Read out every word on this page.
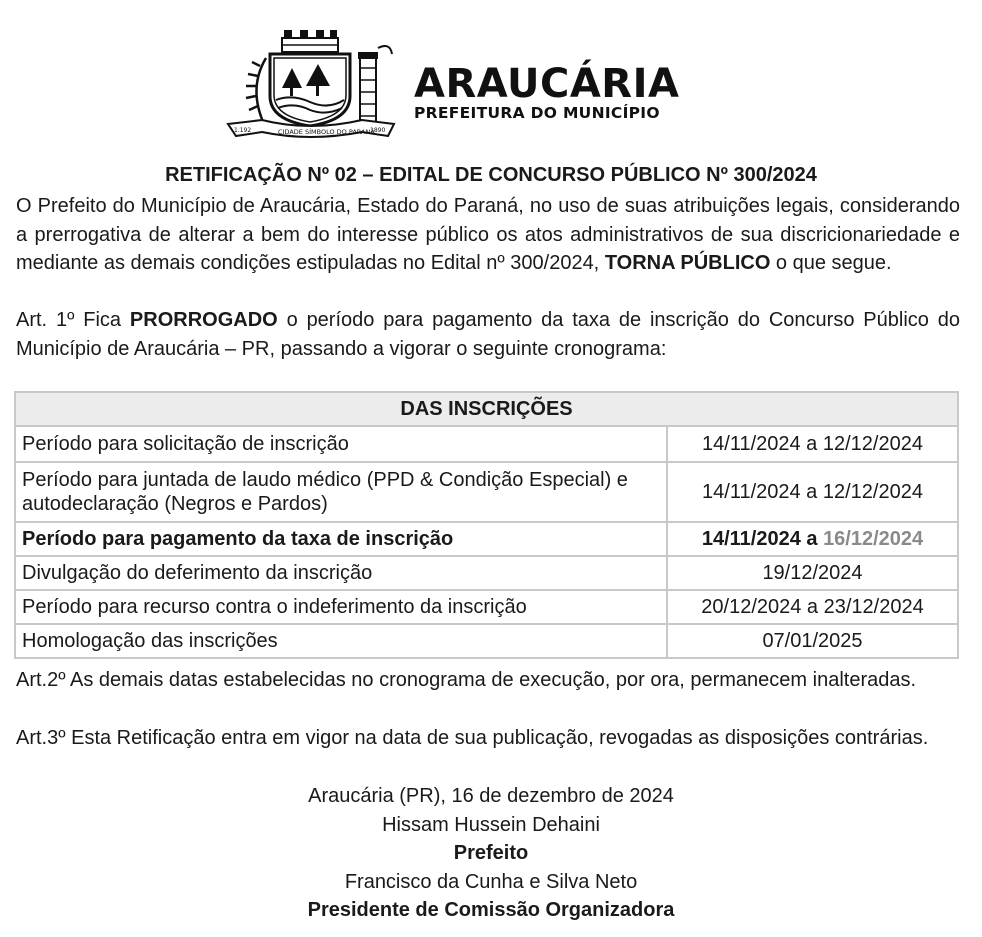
1.192	CIDADE SÍMBOLO DO PARANÁ
1890
ARAUCÁRIA
PREFEITURA DO MUNICÍPIO
RETIFICAÇÃO Nº 02 – EDITAL DE CONCURSO PÚBLICO Nº 300/2024

O Prefeito do Município de Araucária, Estado do Paraná, no uso de suas atribuições legais, considerando a prerrogativa de alterar a bem do interesse público os atos administrativos de sua discricionariedade e mediante as demais condições estipuladas no Edital nº 300/2024, TORNA PÚBLICO o que segue.

Art. 1º Fica PRORROGADO o período para pagamento da taxa de inscrição do Concurso Público do Município de Araucária – PR, passando a vigorar o seguinte cronograma:

DAS INSCRIÇÕES	
Período para solicitação de inscrição	14/11/2024 a 12/12/2024
Período para juntada de laudo médico (PPD & Condição Especial) e autodeclaração (Negros e Pardos)	14/11/2024 a 12/12/2024
Período para pagamento da taxa de inscrição	14/11/2024 a 16/12/2024
Divulgação do deferimento da inscrição	19/12/2024
Período para recurso contra o indeferimento da inscrição	20/12/2024 a 23/12/2024
Homologação das inscrições	07/01/2025

Art.2º As demais datas estabelecidas no cronograma de execução, por ora, permanecem inalteradas.

Art.3º Esta Retificação entra em vigor na data de sua publicação, revogadas as disposições contrárias.

Araucária (PR), 16 de dezembro de 2024
Hissam Hussein Dehaini
Prefeito
Francisco da Cunha e Silva Neto
Presidente de Comissão Organizadora
